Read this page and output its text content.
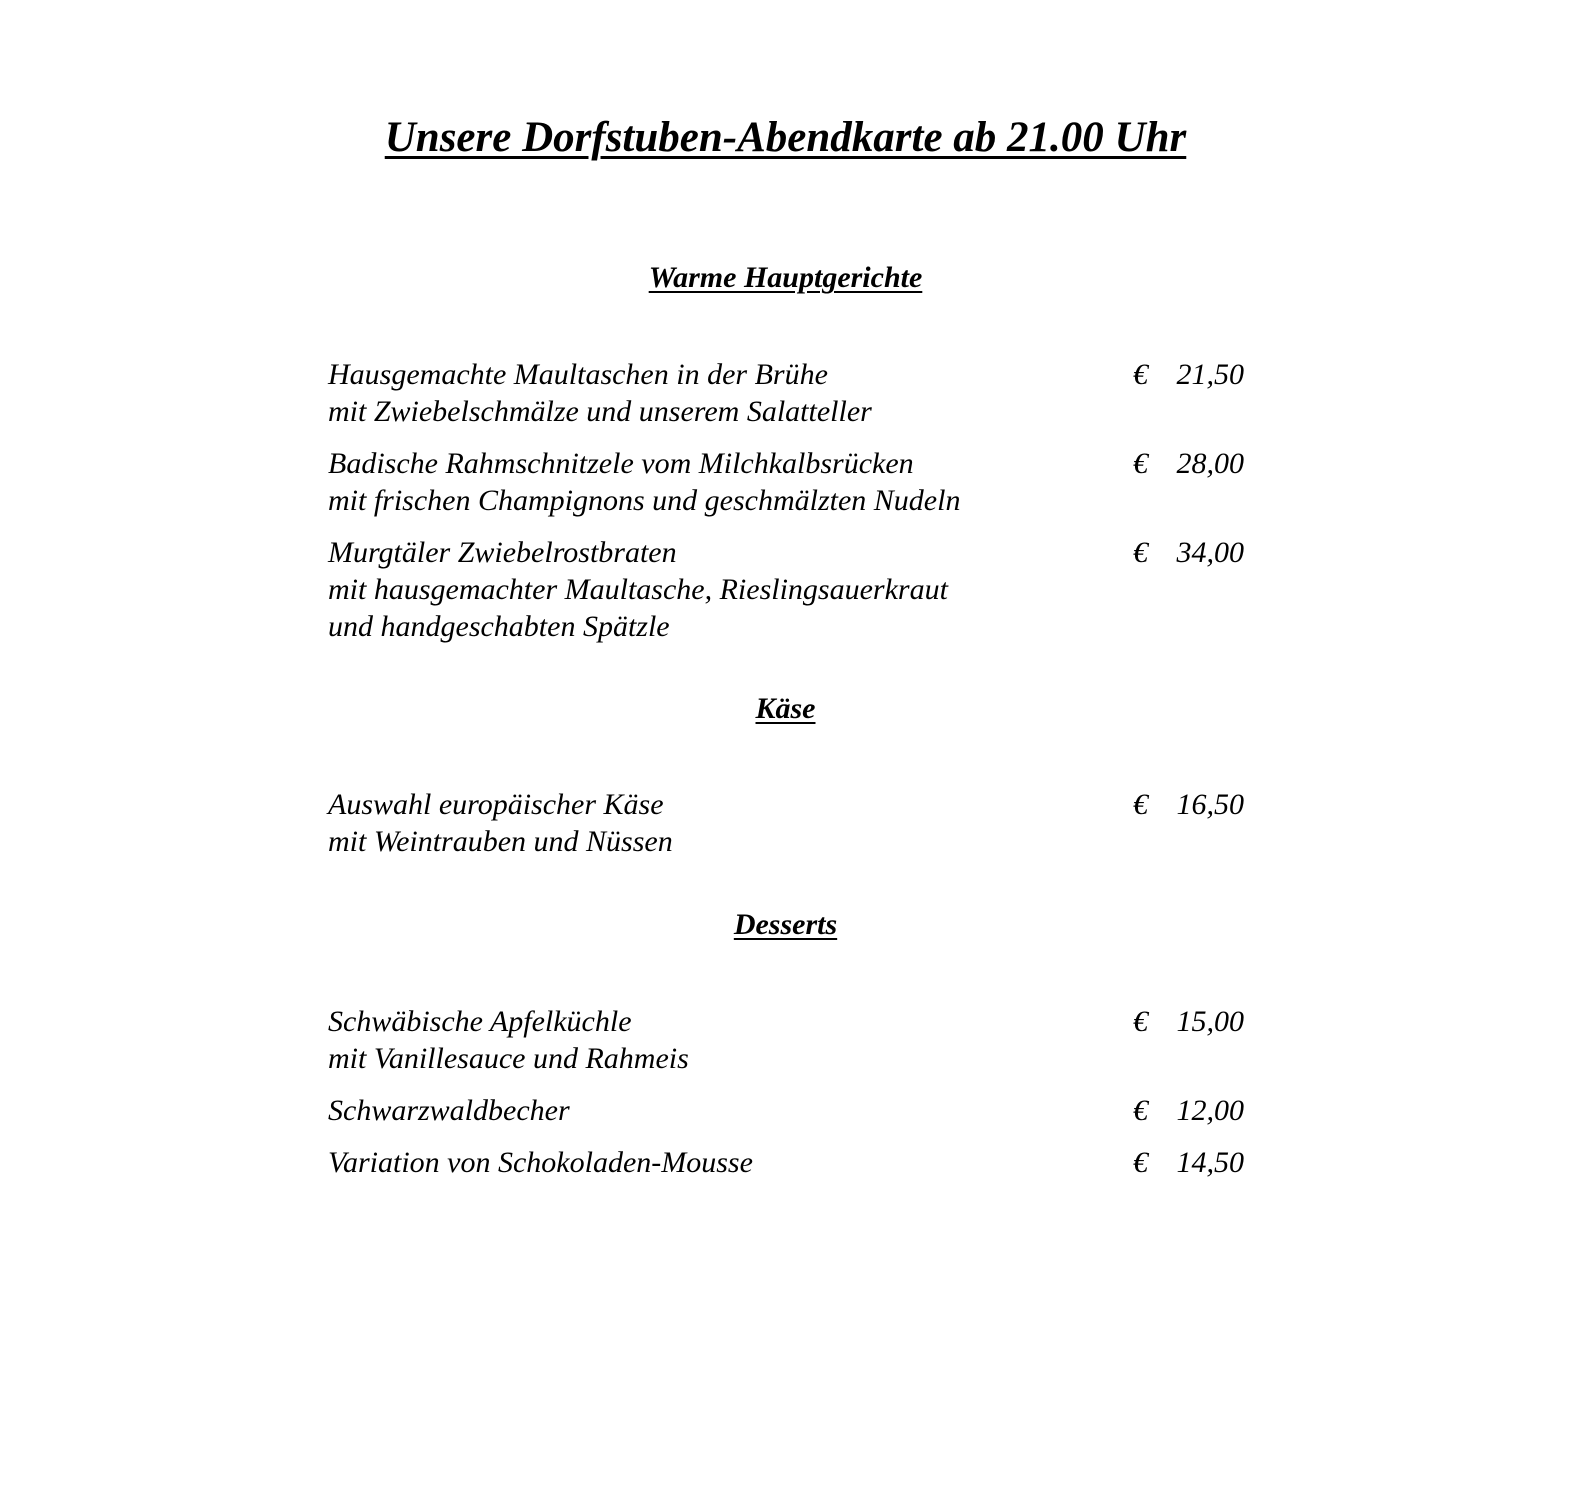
Unsere Dorfstuben-Abendkarte ab 21.00 Uhr
Warme Hauptgerichte
Hausgemachte Maultaschen in der Brühe
mit Zwiebelschmälze und unserem Salatteller
€ 21,50
Badische Rahmschnitzele vom Milchkalbsrücken
mit frischen Champignons und geschmälzten Nudeln
€ 28,00
Murgtäler Zwiebelrostbraten
mit hausgemachter Maultasche, Rieslingsauerkraut
und handgeschabten Spätzle
€ 34,00
Käse
Auswahl europäischer Käse
mit Weintrauben und Nüssen
€ 16,50
Desserts
Schwäbische Apfelküchle
mit Vanillesauce und Rahmeis
€ 15,00
Schwarzwaldbecher	€ 12,00
Variation von Schokoladen-Mousse	€ 14,50
